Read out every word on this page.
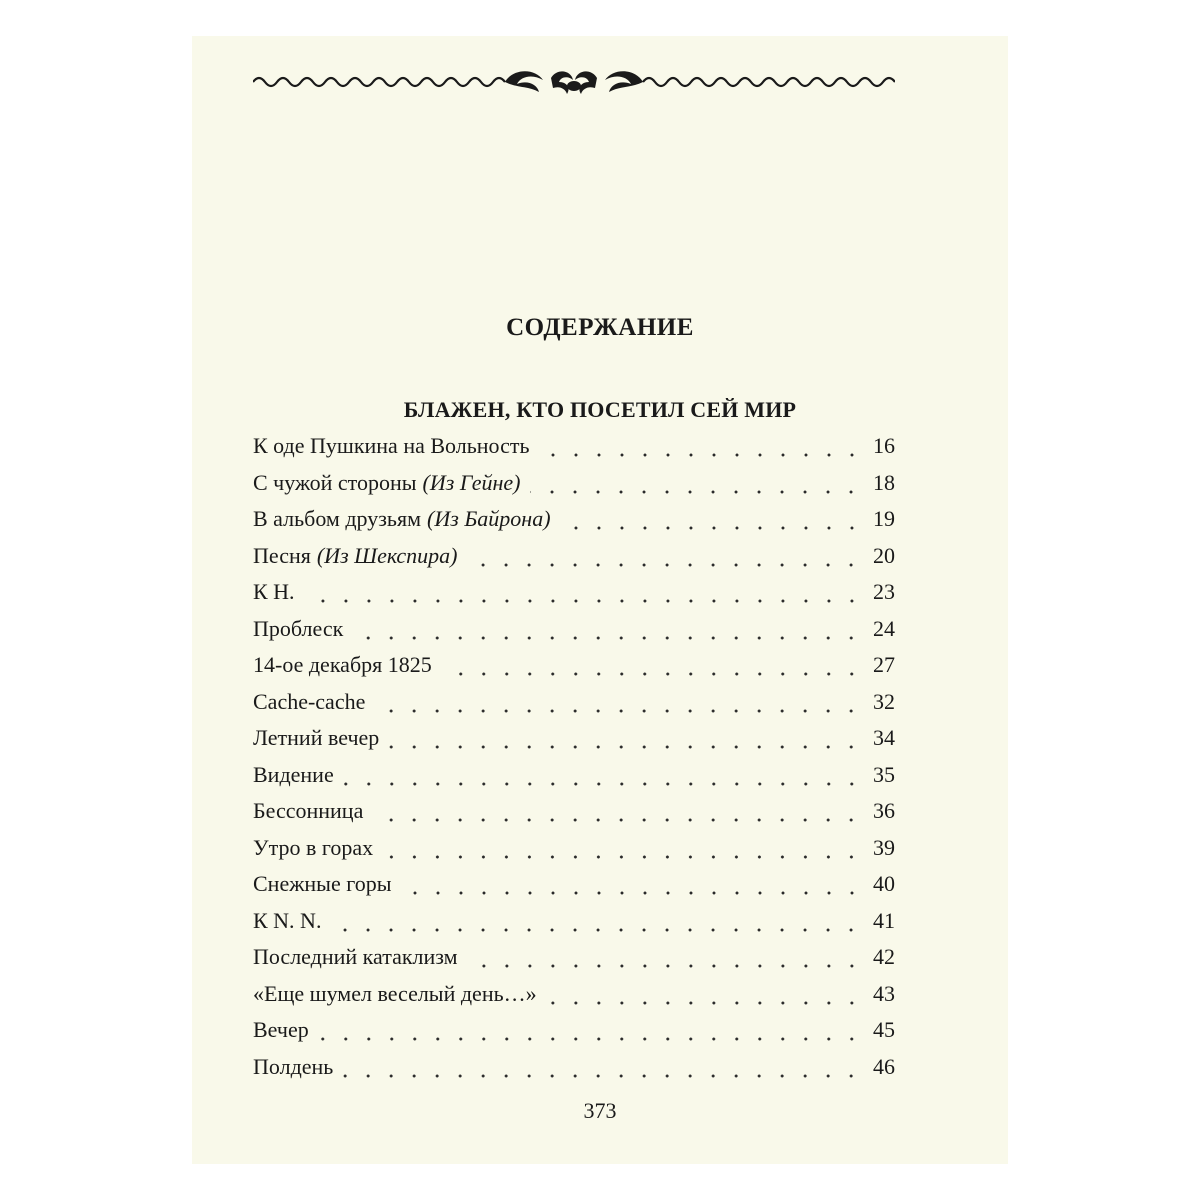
СОДЕРЖАНИЕ
БЛАЖЕН, КТО ПОСЕТИЛ СЕЙ МИР
К оде Пушкина на Вольность	16
С чужой стороны (Из Гейне)	18
В альбом друзьям (Из Байрона)	19
Песня (Из Шекспира)	20
К Н.	23
Проблеск	24
14-ое декабря 1825	27
Cache-cache	32
Летний вечер	34
Видение	35
Бессонница	36
Утро в горах	39
Снежные горы	40
К N. N.	41
Последний катаклизм	42
«Еще шумел веселый день…»	43
Вечер	45
Полдень	46
373
